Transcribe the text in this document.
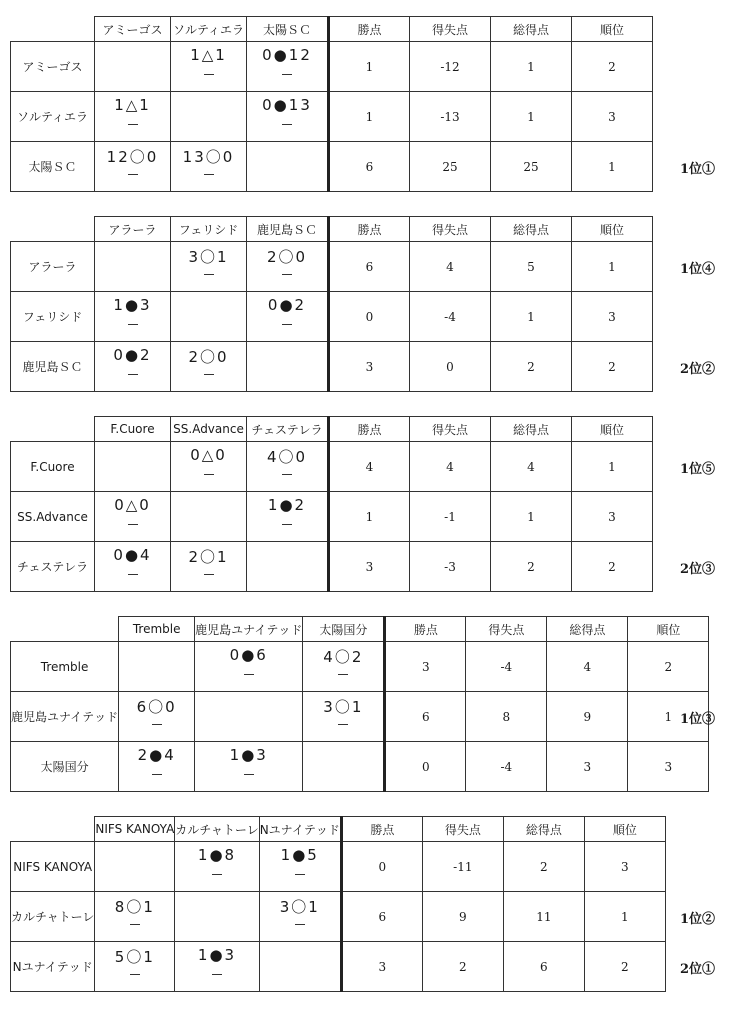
	アミーゴス	ソルティエラ	太陽ＳＣ	勝点	得失点	総得点	順位
アミーゴス		1△1	0●12	1	-12	1	2
ソルティエラ	1△1		0●13	1	-13	1	3
太陽ＳＣ	12〇0	13〇0		6	25	25	1	1位①
	アラーラ	フェリシド	鹿児島ＳＣ	勝点	得失点	総得点	順位
アラーラ		3〇1	2〇0	6	4	5	1
フェリシド	1●3		0●2	0	-4	1	3
鹿児島ＳＣ	0●2	2〇0		3	0	2	2
1位④
2位②
	F.Cuore	SS.Advance	チェステレラ	勝点	得失点	総得点	順位
F.Cuore		0△0	4〇0	4	4	4	1
SS.Advance	0△0		1●2	1	-1	1	3
チェステレラ	0●4	2〇1		3	-3	2	2
1位⑤
2位③
	Tremble	鹿児島ユナイテッド	太陽国分	勝点	得失点	総得点	順位
Tremble		0●6	4〇2	3	-4	4	2
鹿児島ユナイテッド	6〇0		3〇1	6	8	9	1
太陽国分	2●4	1●3		0	-4	3	3
1位③
	NIFS KANOYA	カルチャトーレ	Nユナイテッド	勝点	得失点	総得点	順位
NIFS KANOYA		1●8	1●5	0	-11	2	3
カルチャトーレ	8〇1		3〇1	6	9	11	1
Nユナイテッド	5〇1	1●3		3	2	6	2
1位②
2位①
